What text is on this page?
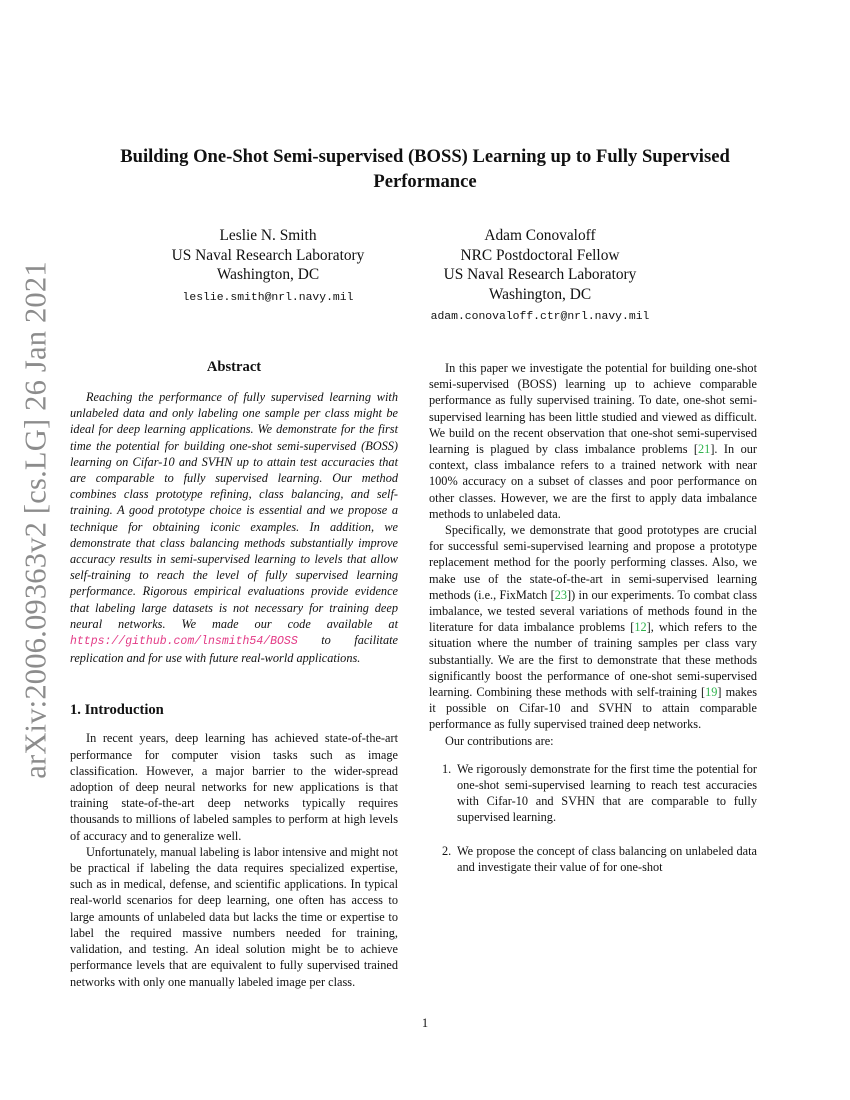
Building One-Shot Semi-supervised (BOSS) Learning up to Fully Supervised Performance
Leslie N. Smith
US Naval Research Laboratory
Washington, DC
leslie.smith@nrl.navy.mil
Adam Conovaloff
NRC Postdoctoral Fellow
US Naval Research Laboratory
Washington, DC
adam.conovaloff.ctr@nrl.navy.mil
arXiv:2006.09363v2 [cs.LG] 26 Jan 2021	Abstract

Reaching the performance of fully supervised learning with unlabeled data and only labeling one sample per class might be ideal for deep learning applications. We demonstrate for the first time the potential for building one-shot semi-supervised (BOSS) learning on Cifar-10 and SVHN up to attain test accuracies that are comparable to fully supervised learning. Our method combines class prototype refining, class balancing, and self-training. A good prototype choice is essential and we propose a technique for obtaining iconic examples. In addition, we demonstrate that class balancing methods substantially improve accuracy results in semi-supervised learning to levels that allow self-training to reach the level of fully supervised learning performance. Rigorous empirical evaluations provide evidence that labeling large datasets is not necessary for training deep neural networks. We made our code available at https://github.com/lnsmith54/BOSS to facilitate replication and for use with future real-world applications.

1. Introduction

In recent years, deep learning has achieved state-of-the-art performance for computer vision tasks such as image classification. However, a major barrier to the wider-spread adoption of deep neural networks for new applications is that training state-of-the-art deep networks typically requires thousands to millions of labeled samples to perform at high levels of accuracy and to generalize well.

Unfortunately, manual labeling is labor intensive and might not be practical if labeling the data requires specialized expertise, such as in medical, defense, and scientific applications. In typical real-world scenarios for deep learning, one often has access to large amounts of unlabeled data but lacks the time or expertise to label the required massive numbers needed for training, validation, and testing. An ideal solution might be to achieve performance levels that are equivalent to fully supervised trained networks with only one manually labeled image per class.

In this paper we investigate the potential for building one-shot semi-supervised (BOSS) learning up to achieve comparable performance as fully supervised training. To date, one-shot semi-supervised learning has been little studied and viewed as difficult. We build on the recent observation that one-shot semi-supervised learning is plagued by class imbalance problems [21]. In our context, class imbalance refers to a trained network with near 100% accuracy on a subset of classes and poor performance on other classes. However, we are the first to apply data imbalance methods to unlabeled data.

Specifically, we demonstrate that good prototypes are crucial for successful semi-supervised learning and propose a prototype replacement method for the poorly performing classes. Also, we make use of the state-of-the-art in semi-supervised learning methods (i.e., FixMatch [23]) in our experiments. To combat class imbalance, we tested several variations of methods found in the literature for data imbalance problems [12], which refers to the situation where the number of training samples per class vary substantially. We are the first to demonstrate that these methods significantly boost the performance of one-shot semi-supervised learning. Combining these methods with self-training [19] makes it possible on Cifar-10 and SVHN to attain comparable performance as fully supervised trained deep networks.

Our contributions are:

1. We rigorously demonstrate for the first time the potential for one-shot semi-supervised learning to reach test accuracies with Cifar-10 and SVHN that are comparable to fully supervised learning.
2. We propose the concept of class balancing on unlabeled data and investigate their value of for one-shot
1
